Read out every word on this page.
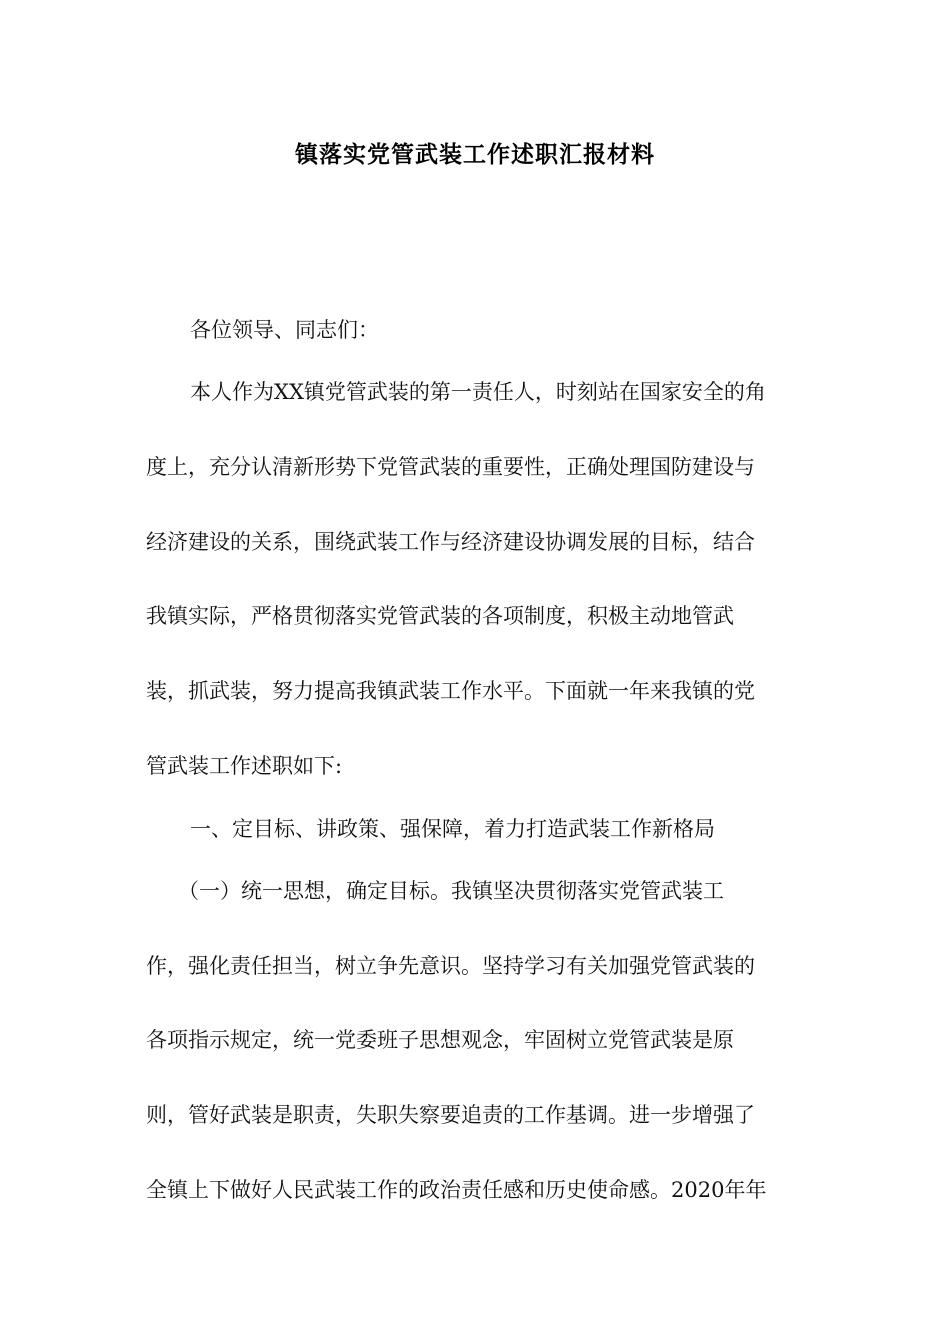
镇落实党管武装工作述职汇报材料
各位领导、同志们：
本人作为XX镇党管武装的第一责任人，时刻站在国家安全的角
度上，充分认清新形势下党管武装的重要性，正确处理国防建设与
经济建设的关系，围绕武装工作与经济建设协调发展的目标，结合
我镇实际，严格贯彻落实党管武装的各项制度，积极主动地管武
装，抓武装，努力提高我镇武装工作水平。下面就一年来我镇的党
管武装工作述职如下:
一、定目标、讲政策、强保障，着力打造武装工作新格局
（一）统一思想，确定目标。我镇坚决贯彻落实党管武装工
作，强化责任担当，树立争先意识。坚持学习有关加强党管武装的
各项指示规定，统一党委班子思想观念，牢固树立党管武装是原
则，管好武装是职责，失职失察要追责的工作基调。进一步增强了
全镇上下做好人民武装工作的政治责任感和历史使命感。2020年年
